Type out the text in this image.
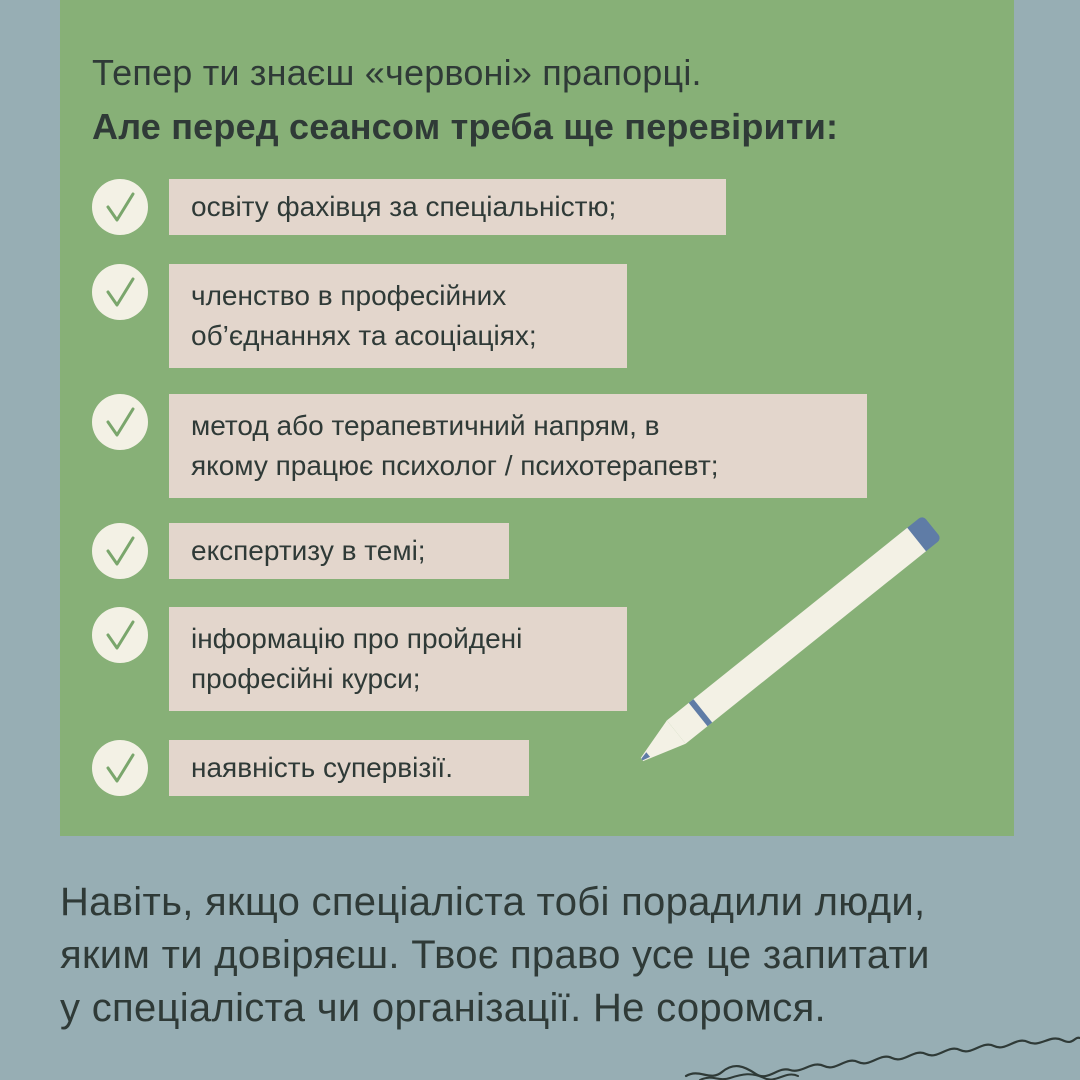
Тепер ти знаєш «червоні» прапорці.
Але перед сеансом треба ще перевірити:
освіту фахівця за спеціальністю;
членство в професійних
об’єднаннях та асоціаціях;
метод або терапевтичний напрям, в
якому працює психолог / психотерапевт;
експертизу в темі;
інформацію про пройдені
професійні курси;
наявність супервізії.
Навіть, якщо спеціаліста тобі порадили люди,
яким ти довіряєш. Твоє право усе це запитати
у спеціаліста чи організації. Не соромся.
